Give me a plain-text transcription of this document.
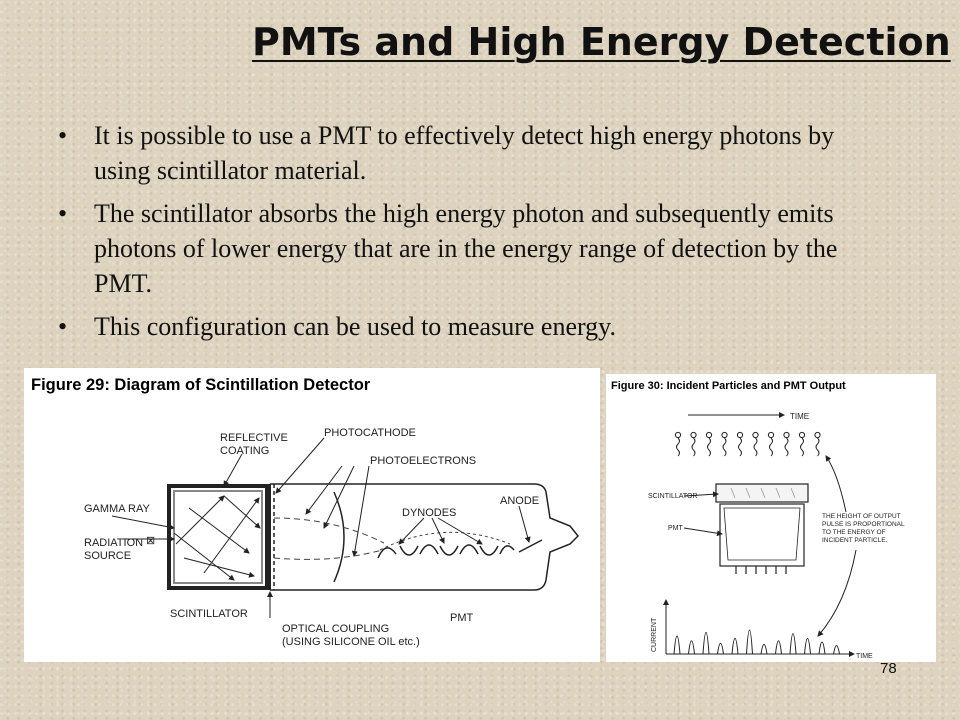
PMTs and High Energy Detection
• It is possible to use a PMT to effectively detect high energy photons by using scintillator material.
• The scintillator absorbs the high energy photon and subsequently emits photons of lower energy that are in the energy range of detection by the PMT.
• This configuration can be used to measure energy.
Figure 29: Diagram of Scintillation Detector
⊠
REFLECTIVE
COATING
PHOTOCATHODE
PHOTOELECTRONS
GAMMA RAY	DYNODES
ANODE
RADIATION
SOURCE
SCINTILLATOR
OPTICAL COUPLING
(USING SILICONE OIL etc.)
PMT
Figure 30: Incident Particles and PMT Output
TIME
SCINTILLATOR
PMT
THE HEIGHT OF OUTPUT
PULSE IS PROPORTIONAL
TO THE ENERGY OF
INCIDENT PARTICLE.
CURRENT
TIME
78
